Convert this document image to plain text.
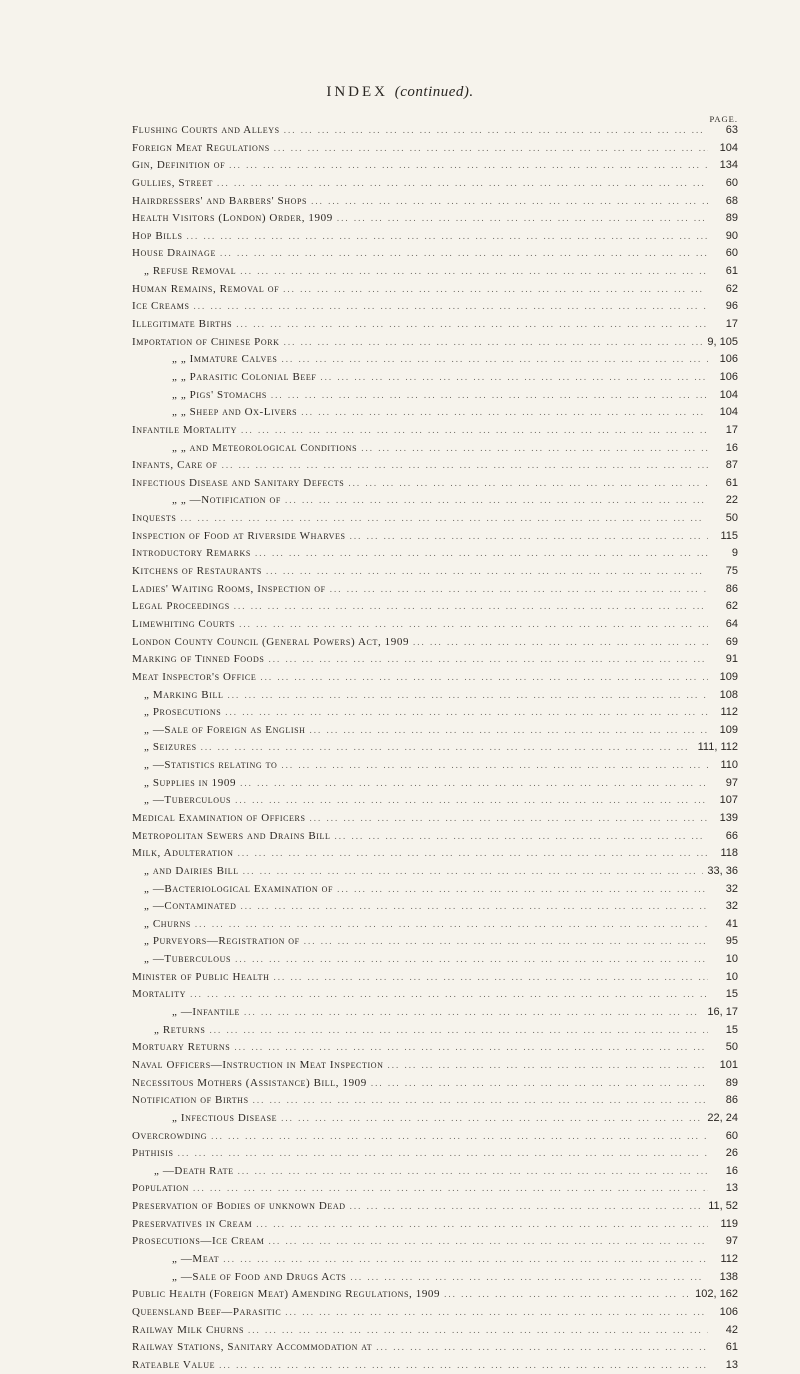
INDEX (continued).
PAGE.
Flushing Courts and Alleys ... .	63
Foreign Meat Regulations ... .	104
Gin, Definition of ... .	134
Gullies, Street ... .	60
Hairdressers' and Barbers' Shops ... .	68
Health Visitors (London) Order, 1909 ... .	89
Hop Bills ... .	90
House Drainage ... .	60
„ Refuse Removal ... .	61
Human Remains, Removal of ... .	62
Ice Creams ... .	96
Illegitimate Births ... .	17
Importation of Chinese Pork ... .	9, 105
„ „ Immature Calves ... .	106
„ „ Parasitic Colonial Beef ... .	106
„ „ Pigs' Stomachs ... .	104
„ „ Sheep and Ox-Livers ... .	104
Infantile Mortality ... .	17
„ „ and Meteorological Conditions ... .	16
Infants, Care of ... .	87
Infectious Disease and Sanitary Defects ... .	61
„ „ —Notification of ... .	22
Inquests ... .	50
Inspection of Food at Riverside Wharves ... .	115
Introductory Remarks ... .	9
Kitchens of Restaurants ... .	75
Ladies' Waiting Rooms, Inspection of ... .	86
Legal Proceedings ... .	62
Limewhiting Courts ... .	64
London County Council (General Powers) Act, 1909 ... .	69
Marking of Tinned Foods ... .	91
Meat Inspector's Office ... .	109
„ Marking Bill ... .	108
„ Prosecutions ... .	112
„ —Sale of Foreign as English ... .	109
„ Seizures ... .	111, 112
„ —Statistics relating to ... .	110
„ Supplies in 1909 ... .	97
„ —Tuberculous ... .	107
Medical Examination of Officers ... .	139
Metropolitan Sewers and Drains Bill ... .	66
Milk, Adulteration ... .	118
„ and Dairies Bill ... .	33, 36
„ —Bacteriological Examination of ... .	32
„ —Contaminated ... .	32
„ Churns ... .	41
„ Purveyors—Registration of ... .	95
„ —Tuberculous ... .	10
Minister of Public Health ... .	10
Mortality ... .	15
„ —Infantile ... .	16, 17
„ Returns ... .	15
Mortuary Returns ... .	50
Naval Officers—Instruction in Meat Inspection ... .	101
Necessitous Mothers (Assistance) Bill, 1909 ... .	89
Notification of Births ... .	86
„ Infectious Disease ... .	22, 24
Overcrowding ... .	60
Phthisis ... .	26
„ —Death Rate ... .	16
Population ... .	13
Preservation of Bodies of unknown Dead ... .	11, 52
Preservatives in Cream ... .	119
Prosecutions—Ice Cream ... .	97
„ —Meat ... .	112
„ —Sale of Food and Drugs Acts ... .	138
Public Health (Foreign Meat) Amending Regulations, 1909 ... .	102, 162
Queensland Beef—Parasitic ... .	106
Railway Milk Churns ... .	42
Railway Stations, Sanitary Accommodation at ... .	61
Rateable Value ... .	13
